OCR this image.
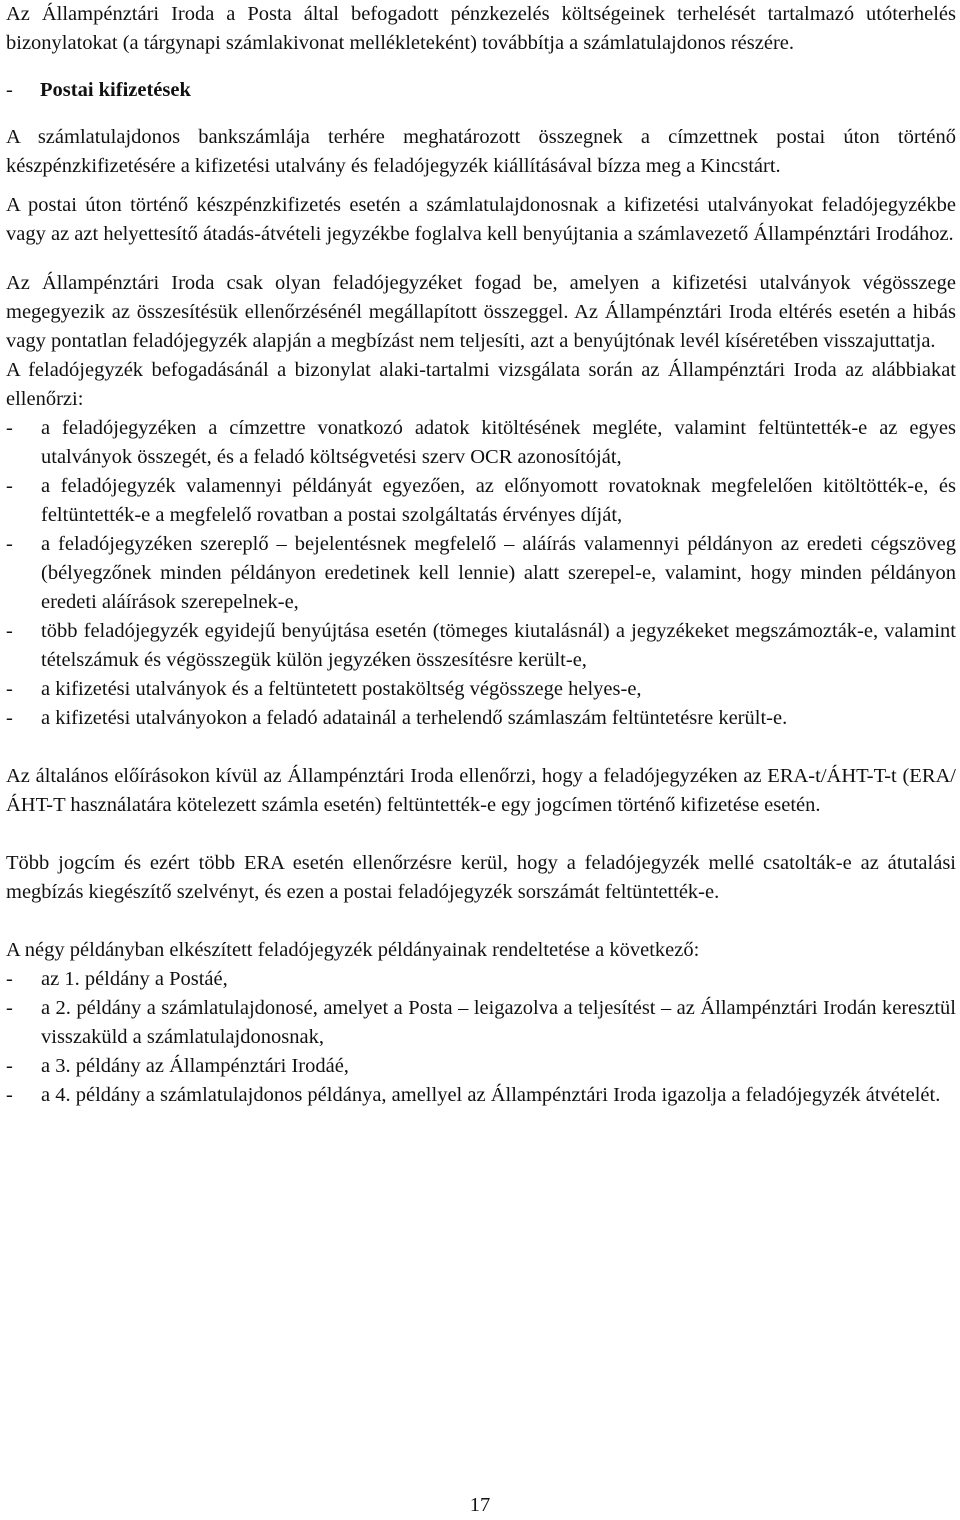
Az Állampénztári Iroda a Posta által befogadott pénzkezelés költségeinek terhelését tartalmazó utóterhelés bizonylatokat (a tárgynapi számlakivonat mellékleteként) továbbítja a számlatulajdonos részére.

- Postai kifizetések

A számlatulajdonos bankszámlája terhére meghatározott összegnek a címzettnek postai úton történő készpénzkifizetésére a kifizetési utalvány és feladójegyzék kiállításával bízza meg a Kincstárt.

A postai úton történő készpénzkifizetés esetén a számlatulajdonosnak a kifizetési utalványokat feladójegyzékbe vagy az azt helyettesítő átadás-átvételi jegyzékbe foglalva kell benyújtania a számlavezető Állampénztári Irodához.

Az Állampénztári Iroda csak olyan feladójegyzéket fogad be, amelyen a kifizetési utalványok végösszege megegyezik az összesítésük ellenőrzésénél megállapított összeggel. Az Állampénztári Iroda eltérés esetén a hibás vagy pontatlan feladójegyzék alapján a megbízást nem teljesíti, azt a benyújtónak levél kíséretében visszajuttatja.

A feladójegyzék befogadásánál a bizonylat alaki-tartalmi vizsgálata során az Állampénztári Iroda az alábbiakat ellenőrzi:

- a feladójegyzéken a címzettre vonatkozó adatok kitöltésének megléte, valamint feltüntették-e az egyes utalványok összegét, és a feladó költségvetési szerv OCR azonosítóját,
- a feladójegyzék valamennyi példányát egyezően, az előnyomott rovatoknak megfelelően kitöltötték-e, és feltüntették-e a megfelelő rovatban a postai szolgáltatás érvényes díját,
- a feladójegyzéken szereplő – bejelentésnek megfelelő – aláírás valamennyi példányon az eredeti cégszöveg (bélyegzőnek minden példányon eredetinek kell lennie) alatt szerepel-e, valamint, hogy minden példányon eredeti aláírások szerepelnek-e,
- több feladójegyzék egyidejű benyújtása esetén (tömeges kiutalásnál) a jegyzékeket megszámozták-e, valamint tételszámuk és végösszegük külön jegyzéken összesítésre került-e,
- a kifizetési utalványok és a feltüntetett postaköltség végösszege helyes-e,
- a kifizetési utalványokon a feladó adatainál a terhelendő számlaszám feltüntetésre került-e.

Az általános előírásokon kívül az Állampénztári Iroda ellenőrzi, hogy a feladójegyzéken az ERA-t/ÁHT-T-t (ERA/ÁHT-T használatára kötelezett számla esetén) feltüntették-e egy jogcímen történő kifizetése esetén.

Több jogcím és ezért több ERA esetén ellenőrzésre kerül, hogy a feladójegyzék mellé csatolták-e az átutalási megbízás kiegészítő szelvényt, és ezen a postai feladójegyzék sorszámát feltüntették-e.

A négy példányban elkészített feladójegyzék példányainak rendeltetése a következő:

- az 1. példány a Postáé,
- a 2. példány a számlatulajdonosé, amelyet a Posta – leigazolva a teljesítést – az Állampénztári Irodán keresztül visszaküld a számlatulajdonosnak,
- a 3. példány az Állampénztári Irodáé,
- a 4. példány a számlatulajdonos példánya, amellyel az Állampénztári Iroda igazolja a feladójegyzék átvételét.
17
